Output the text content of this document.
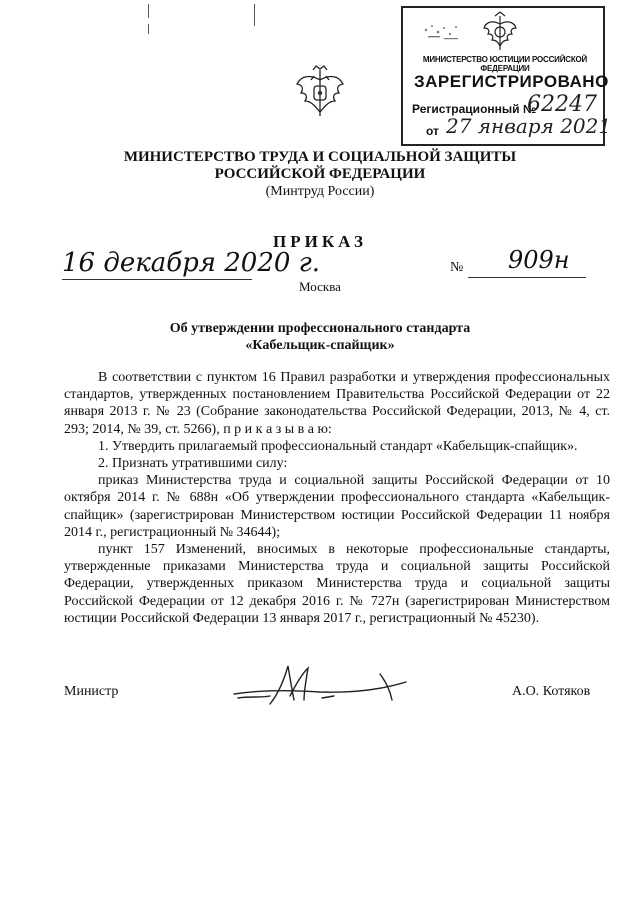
МИНИСТЕРСТВО ЮСТИЦИИ РОССИЙСКОЙ ФЕДЕРАЦИИ
ЗАРЕГИСТРИРОВАНО
Регистрационный №
62247
от 27 января 2021
МИНИСТЕРСТВО ТРУДА И СОЦИАЛЬНОЙ ЗАЩИТЫ
РОССИЙСКОЙ ФЕДЕРАЦИИ
(Минтруд России)
ПРИКАЗ
16 декабря 2020 г.
Москва
№ 909н
Об утверждении профессионального стандарта
«Кабельщик-спайщик»

В соответствии с пунктом 16 Правил разработки и утверждения профессиональных стандартов, утвержденных постановлением Правительства Российской Федерации от 22 января 2013 г. № 23 (Собрание законодательства Российской Федерации, 2013, № 4, ст. 293; 2014, № 39, ст. 5266), п р и к а з ы в а ю:

1. Утвердить прилагаемый профессиональный стандарт «Кабельщик-спайщик».

2. Признать утратившими силу:

приказ Министерства труда и социальной защиты Российской Федерации от 10 октября 2014 г. № 688н «Об утверждении профессионального стандарта «Кабельщик-спайщик» (зарегистрирован Министерством юстиции Российской Федерации 11 ноября 2014 г., регистрационный № 34644);

пункт 157 Изменений, вносимых в некоторые профессиональные стандарты, утвержденные приказами Министерства труда и социальной защиты Российской Федерации, утвержденных приказом Министерства труда и социальной защиты Российской Федерации от 12 декабря 2016 г. № 727н (зарегистрирован Министерством юстиции Российской Федерации 13 января 2017 г., регистрационный № 45230).

Министр	А.О. Котяков
